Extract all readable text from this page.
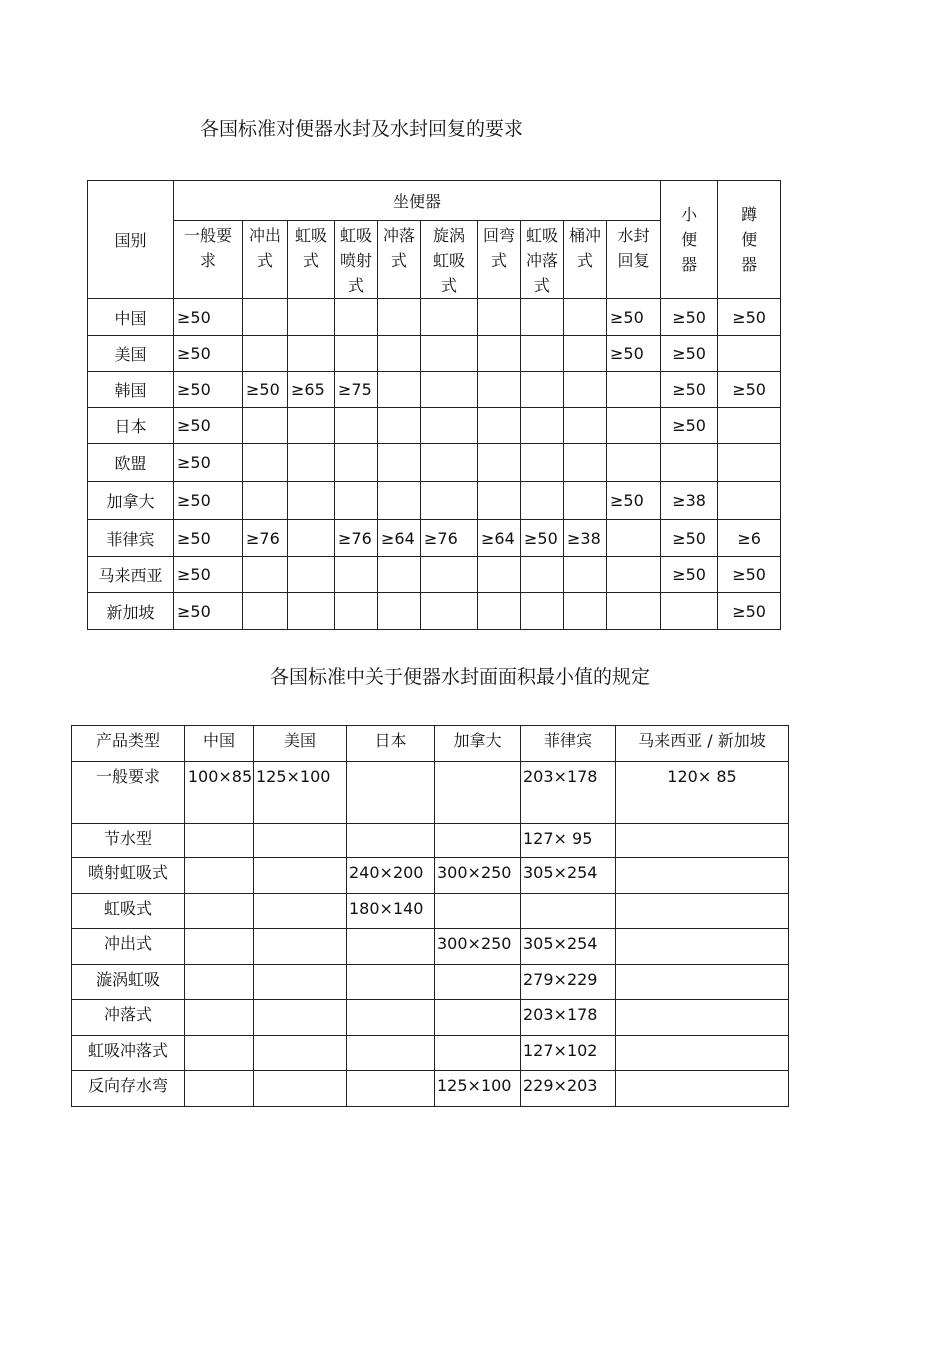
各国标准对便器水封及水封回复的要求
国别	坐便器										小便器	蹲便器

	一般要求	冲出式	虹吸式	虹吸喷射式	冲落式	旋涡虹吸式	回弯式	虹吸冲落式	桶冲式	水封回复		

中国	≥50									≥50	≥50	≥50
美国	≥50									≥50	≥50	
韩国	≥50	≥50	≥65	≥75							≥50	≥50
日本	≥50										≥50	
欧盟	≥50											
加拿大	≥50									≥50	≥38	
菲律宾	≥50	≥76		≥76	≥64	≥76	≥64	≥50	≥38		≥50	≥6
马来西亚	≥50										≥50	≥50
新加坡	≥50											≥50
各国标准中关于便器水封面面积最小值的规定
产品类型	中国	美国	日本	加拿大	菲律宾	马来西亚 / 新加坡
一般要求	100×85	125×100			203×178	120× 85
节水型					127× 95	
喷射虹吸式			240×200	300×250	305×254	
虹吸式			180×140			
冲出式				300×250	305×254	
漩涡虹吸					279×229	
冲落式					203×178	
虹吸冲落式					127×102	
反向存水弯				125×100	229×203	
